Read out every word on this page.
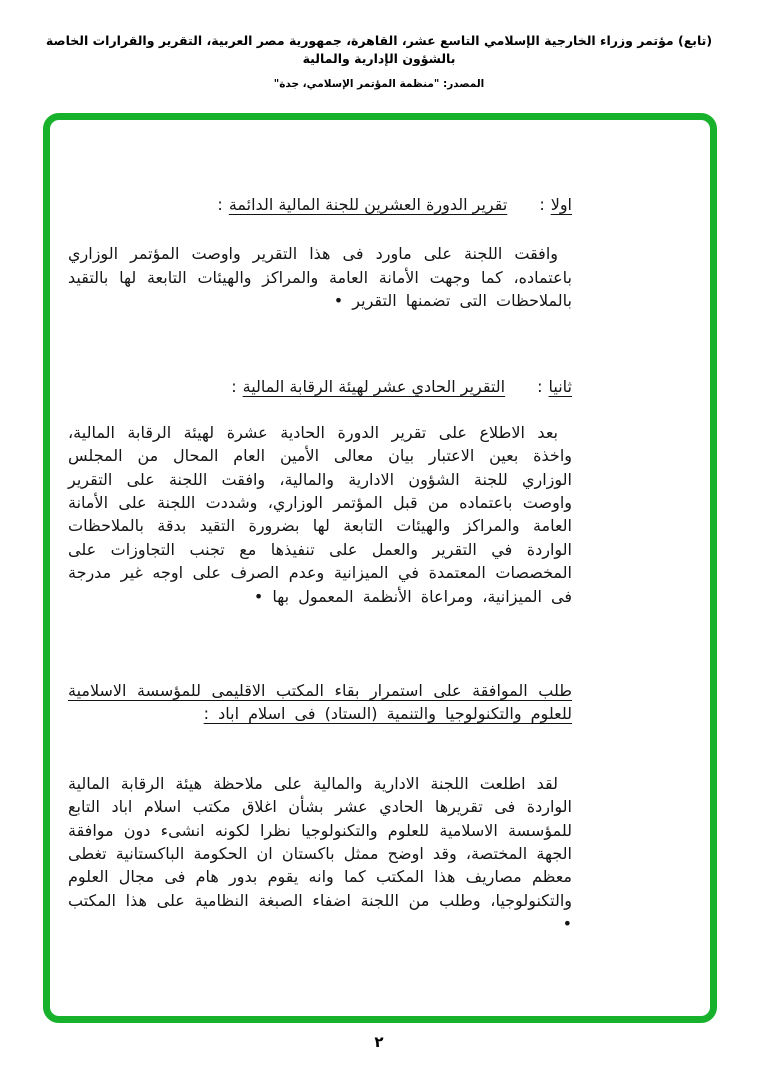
(تابع) مؤتمر وزراء الخارجية الإسلامي التاسع عشر، القاهرة، جمهورية مصر العربية، التقرير والقرارات الخاصة بالشؤون الإدارية والمالية
المصدر: "منظمة المؤتمر الإسلامي، جدة"
اولا
:
تقرير الدورة العشرين للجنة المالية الدائمة
:

وافقت اللجنة على ماورد فى هذا التقرير واوصت المؤتمر الوزاري باعتماده، كما وجهت الأمانة العامة والمراكز والهيئات التابعة لها بالتقيد بالملاحظات التى تضمنها التقرير •

ثانيا
:
التقرير الحادي عشر لهيئة الرقابة المالية
:

بعد الاطلاع على تقرير الدورة الحادية عشرة لهيئة الرقابة المالية، واخذة بعين الاعتبار بيان معالى الأمين العام المحال من المجلس الوزاري للجنة الشؤون الادارية والمالية، وافقت اللجنة على التقرير واوصت باعتماده من قبل المؤتمر الوزاري، وشددت اللجنة على الأمانة العامة والمراكز والهيئات التابعة لها بضرورة التقيد بدقة بالملاحظات الواردة في التقرير والعمل على تنفيذها مع تجنب التجاوزات على المخصصات المعتمدة في الميزانية وعدم الصرف على اوجه غير مدرجة فى الميزانية، ومراعاة الأنظمة المعمول بها •

طلب الموافقة على استمرار بقاء المكتب الاقليمى للمؤسسة الاسلامية للعلوم والتكنولوجيا والتنمية (الستاد) فى اسلام اباد :

لقد اطلعت اللجنة الادارية والمالية على ملاحظة هيئة الرقابة المالية الواردة فى تقريرها الحادي عشر بشأن اغلاق مكتب اسلام اباد التابع للمؤسسة الاسلامية للعلوم والتكنولوجيا نظرا لكونه انشىء دون موافقة الجهة المختصة، وقد اوضح ممثل باكستان ان الحكومة الباكستانية تغطى معظم مصاريف هذا المكتب كما وانه يقوم بدور هام فى مجال العلوم والتكنولوجيا، وطلب من اللجنة اضفاء الصبغة النظامية على هذا المكتب •

٢
